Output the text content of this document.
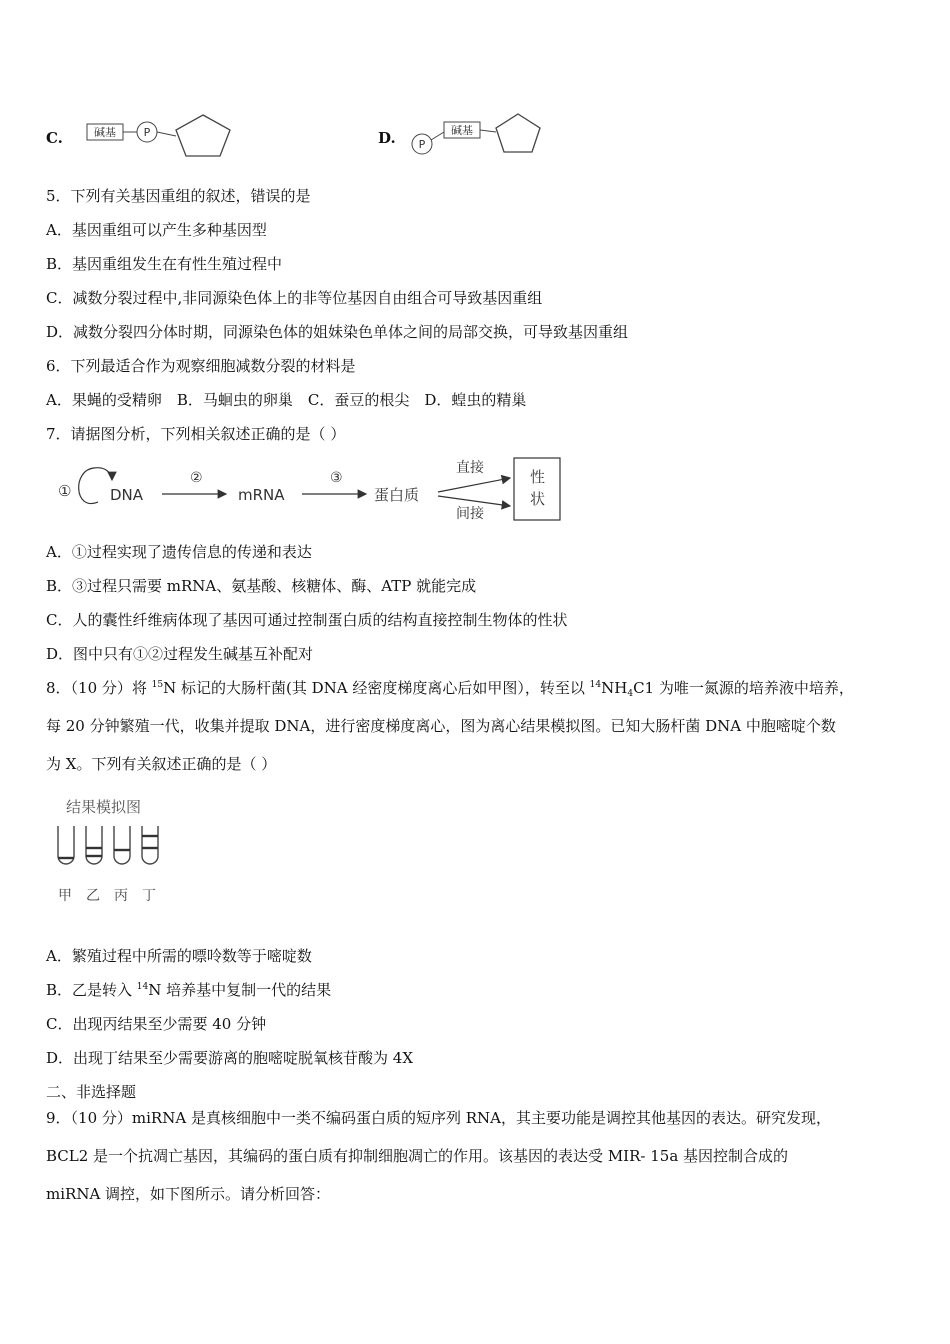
C.	碱基	P	D. P
碱基
5．下列有关基因重组的叙述，错误的是
A．基因重组可以产生多种基因型
B．基因重组发生在有性生殖过程中
C．减数分裂过程中,非同源染色体上的非等位基因自由组合可导致基因重组
D．减数分裂四分体时期，同源染色体的姐妹染色单体之间的局部交换，可导致基因重组
6．下列最适合作为观察细胞减数分裂的材料是
A．果蝇的受精卵　B．马蛔虫的卵巢　C．蚕豆的根尖　D．蝗虫的精巢
7．请据图分析，下列相关叙述正确的是（ ）
①	DNA
②
mRNA
③
蛋白质
直接
间接
性
状
A．①过程实现了遗传信息的传递和表达
B．③过程只需要 mRNA、氨基酸、核糖体、酶、ATP 就能完成
C．人的囊性纤维病体现了基因可通过控制蛋白质的结构直接控制生物体的性状
D．图中只有①②过程发生碱基互补配对
8．（10 分）将 $^{15}$N 标记的大肠杆菌(其 DNA 经密度梯度离心后如甲图），转至以 $^{14}NH_4C1$ 为唯一氮源的培养液中培养，
每 20 分钟繁殖一代，收集并提取 DNA，进行密度梯度离心，图为离心结果模拟图。已知大肠杆菌 DNA 中胞嘧啶个数
为 X。下列有关叙述正确的是（ ）
结果模拟图
甲 乙 丙 丁
A．繁殖过程中所需的嘌呤数等于嘧啶数
B．乙是转入 $^{14}$N 培养基中复制一代的结果
C．出现丙结果至少需要 40 分钟
D．出现丁结果至少需要游离的胞嘧啶脱氧核苷酸为 4X
二、非选择题
9．（10 分）miRNA 是真核细胞中一类不编码蛋白质的短序列 RNA，其主要功能是调控其他基因的表达。研究发现，
BCL2 是一个抗凋亡基因，其编码的蛋白质有抑制细胞凋亡的作用。该基因的表达受 MIR- 15a 基因控制合成的
miRNA 调控，如下图所示。请分析回答：
